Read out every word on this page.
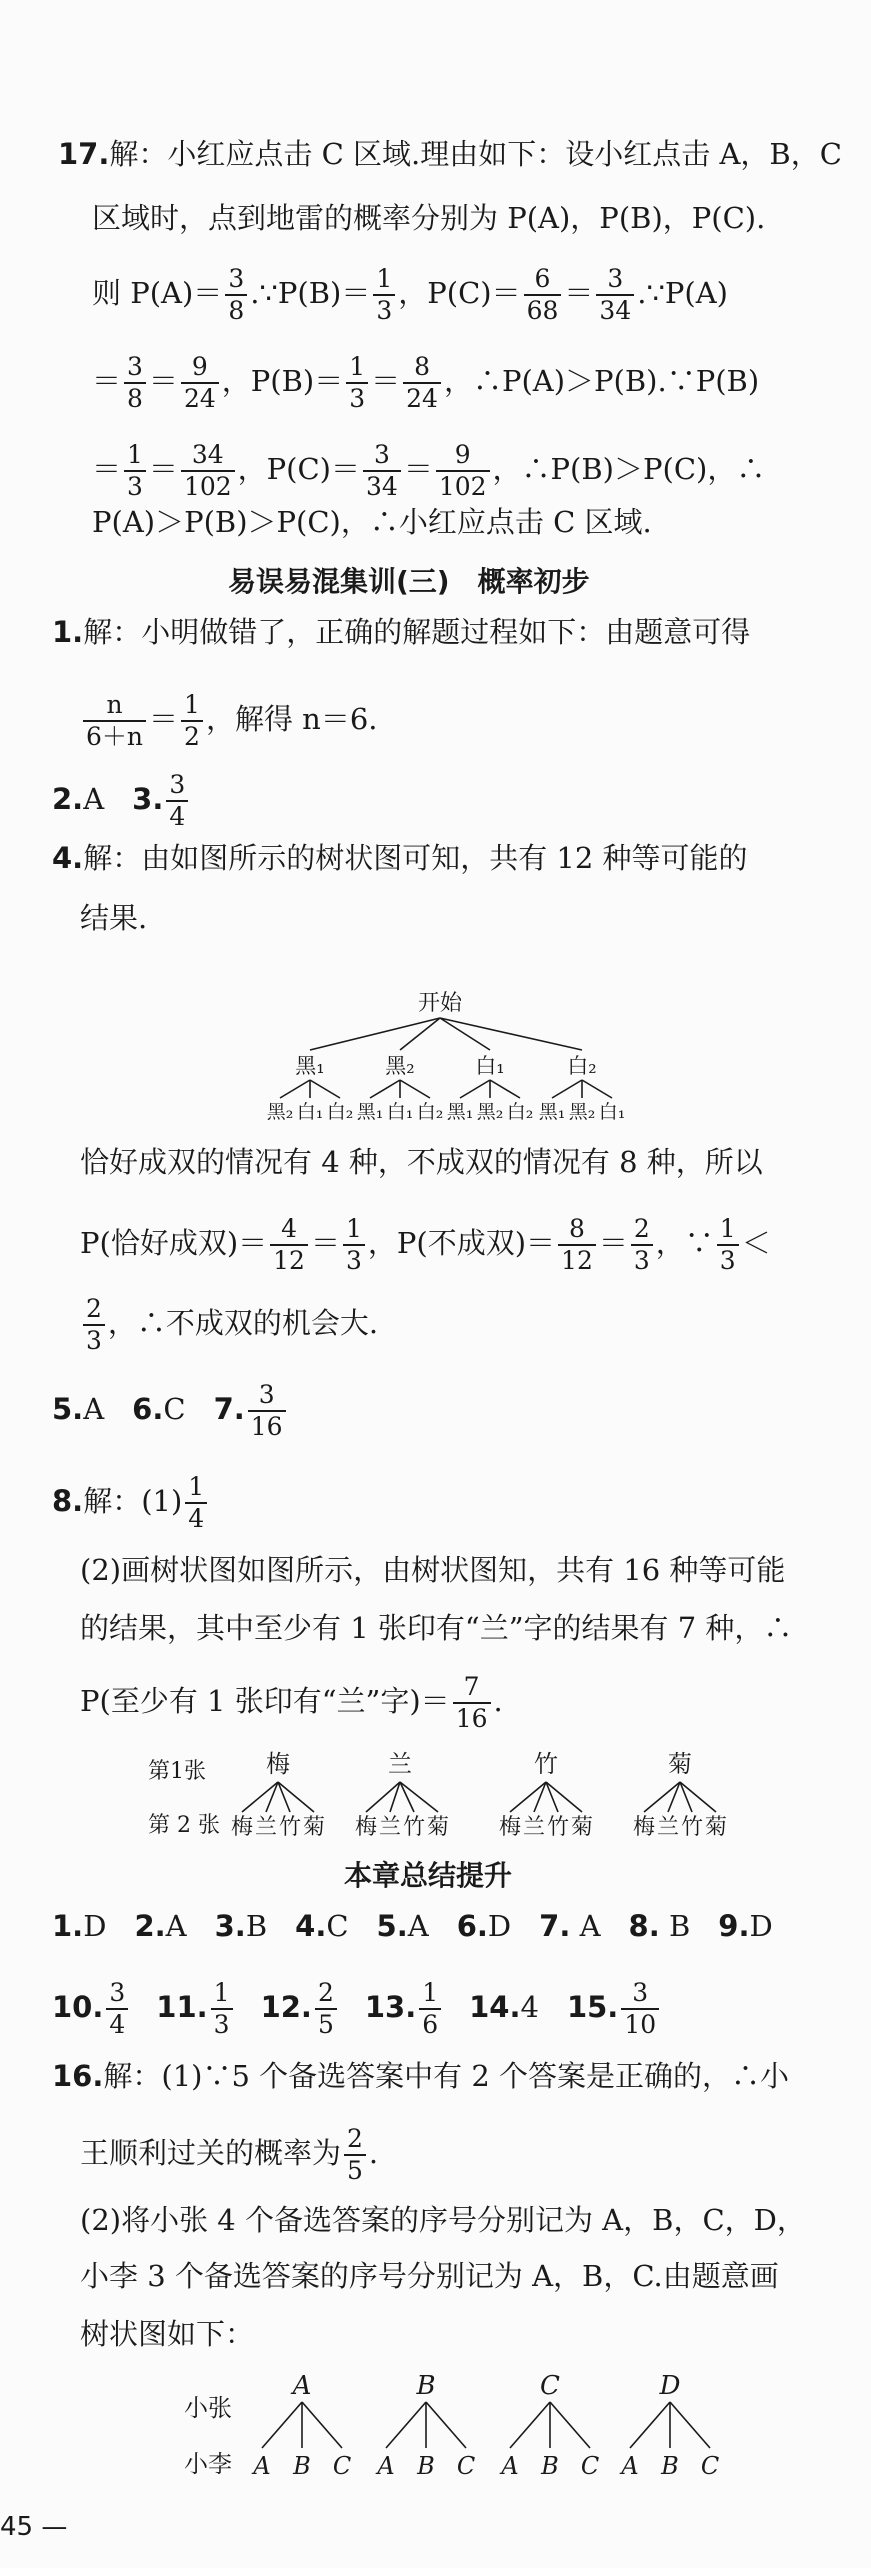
17.解：小红应点击 C 区域.理由如下：设小红点击 A，B，C
区域时，点到地雷的概率分别为 P(A)，P(B)，P(C).
则 $P(A)= \frac{3}{8}$ .∵P(B)＝ $\frac{1}{3}$ ，$P(C)= \frac{6}{68} = \frac{3}{34}$ .∵P(A)
＝ $\frac{3}{8} = \frac{9}{24}$ ，$P(B)= \frac{1}{3} = \frac{8}{24}$ ，∴P(A)＞P(B).∵P(B)
＝ $\frac{1}{3} = \frac{34}{102}$ ，$P(C)= \frac{3}{34} = \frac{9}{102}$ ，∴P(B)＞P(C)，∴
P(A)＞P(B)＞P(C)，∴小红应点击 C 区域.
易误易混集训(三)　概率初步
1.解：小明做错了，正确的解题过程如下：由题意可得
$\frac{n}{6+n} = \frac{1}{2}$ ，解得 n＝6.
2.A 3. $\frac{3}{4}$
4.解：由如图所示的树状图可知，共有 12 种等可能的
结果.
开始
黑₁	黑₂	白₁	白₂
黑₂ 白₁ 白₂ 黑₁ 白₁ 白₂ 黑₁ 黑₂ 白₂ 黑₁ 黑₂ 白₁
恰好成双的情况有 4 种，不成双的情况有 8 种，所以
P(恰好成双)＝ $\frac{4}{12} = \frac{1}{3}$ ，P(不成双)＝ $\frac{8}{12} = \frac{2}{3}$ ，∵ $\frac{1}{3}$ ＜
$\frac{2}{3}$ ，∴不成双的机会大.
5.A 6.C 7. $\frac{3}{16}$
8.解：$(1) \frac{1}{4}$
(2)画树状图如图所示，由树状图知，共有 16 种等可能
的结果，其中至少有 1 张印有“兰”字的结果有 7 种，∴
P(至少有 1 张印有“兰”字)＝ $\frac{7}{16}$ .
第1张
第 2 张
梅	兰	竹	菊
梅 兰 竹 菊 梅 兰 竹 菊 梅 兰 竹 菊 梅 兰 竹 菊
本章总结提升
1.D 2.A 3.B 4.C 5.A 6.D 7. A 8. B 9.D
10. $\frac{3}{4} 11$. $\frac{1}{3} 12$. $\frac{2}{5} 13$. $\frac{1}{6} 14.4$ 15. $\frac{3}{10}$
16.解：(1)∵5 个备选答案中有 2 个答案是正确的，∴小
王顺利过关的概率为 $\frac{2}{5}$ .
(2)将小张 4 个备选答案的序号分别记为 A，B，C，D，
小李 3 个备选答案的序号分别记为 A，B，C.由题意画
树状图如下：
小张
小李
A	B	C	D
A B C A B C A B C A B C
45 —
